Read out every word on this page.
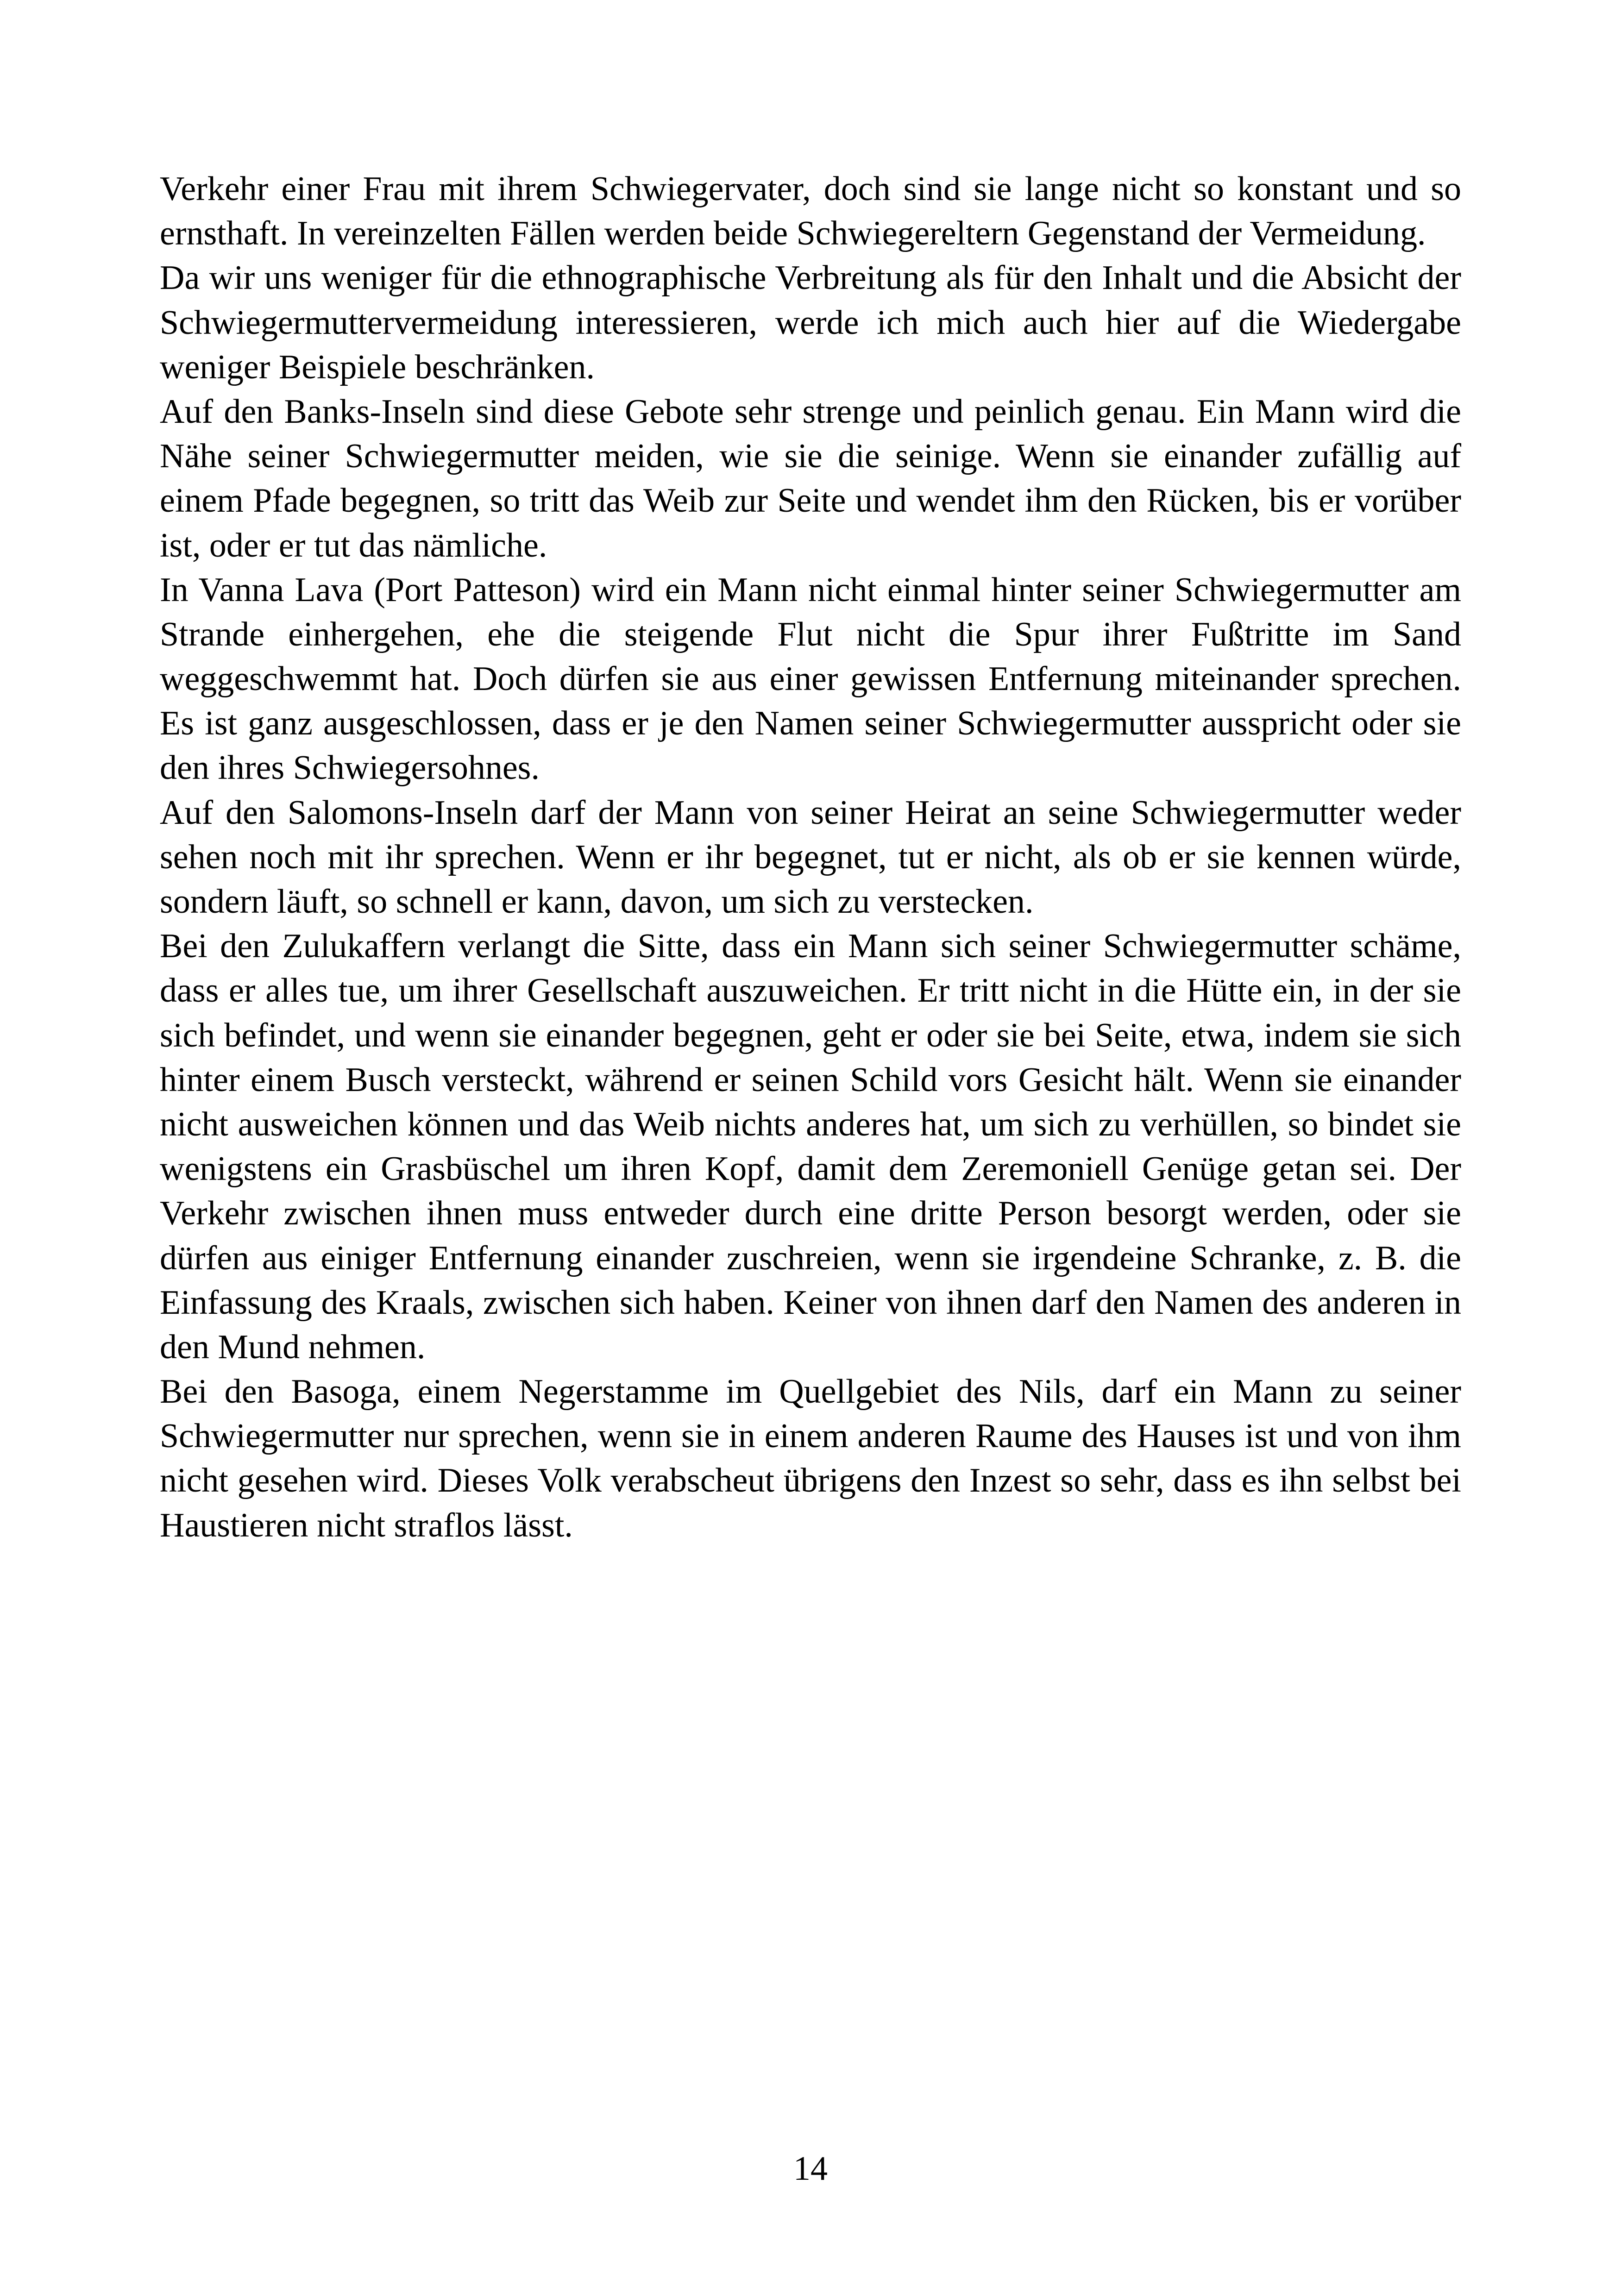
Verkehr einer Frau mit ihrem Schwiegervater, doch sind sie lange nicht so konstant und so ernsthaft. In vereinzelten Fällen werden beide Schwiegereltern Gegenstand der Vermeidung.

Da wir uns weniger für die ethnographische Verbreitung als für den Inhalt und die Absicht der Schwiegermuttervermeidung interessieren, werde ich mich auch hier auf die Wiedergabe weniger Beispiele beschränken.

Auf den Banks-Inseln sind diese Gebote sehr strenge und peinlich genau. Ein Mann wird die Nähe seiner Schwiegermutter meiden, wie sie die seinige. Wenn sie einander zufällig auf einem Pfade begegnen, so tritt das Weib zur Seite und wendet ihm den Rücken, bis er vorüber ist, oder er tut das nämliche.

In Vanna Lava (Port Patteson) wird ein Mann nicht einmal hinter seiner Schwiegermutter am Strande einhergehen, ehe die steigende Flut nicht die Spur ihrer Fußtritte im Sand weggeschwemmt hat. Doch dürfen sie aus einer gewissen Entfernung miteinander sprechen. Es ist ganz ausgeschlossen, dass er je den Namen seiner Schwiegermutter ausspricht oder sie den ihres Schwiegersohnes.

Auf den Salomons-Inseln darf der Mann von seiner Heirat an seine Schwiegermutter weder sehen noch mit ihr sprechen. Wenn er ihr begegnet, tut er nicht, als ob er sie kennen würde, sondern läuft, so schnell er kann, davon, um sich zu verstecken.

Bei den Zulukaffern verlangt die Sitte, dass ein Mann sich seiner Schwiegermutter schäme, dass er alles tue, um ihrer Gesellschaft auszuweichen. Er tritt nicht in die Hütte ein, in der sie sich befindet, und wenn sie einander begegnen, geht er oder sie bei Seite, etwa, indem sie sich hinter einem Busch versteckt, während er seinen Schild vors Gesicht hält. Wenn sie einander nicht ausweichen können und das Weib nichts anderes hat, um sich zu verhüllen, so bindet sie wenigstens ein Grasbüschel um ihren Kopf, damit dem Zeremoniell Genüge getan sei. Der Verkehr zwischen ihnen muss entweder durch eine dritte Person besorgt werden, oder sie dürfen aus einiger Entfernung einander zuschreien, wenn sie irgendeine Schranke, z. B. die Einfassung des Kraals, zwischen sich haben. Keiner von ihnen darf den Namen des anderen in den Mund nehmen.

Bei den Basoga, einem Negerstamme im Quellgebiet des Nils, darf ein Mann zu seiner Schwiegermutter nur sprechen, wenn sie in einem anderen Raume des Hauses ist und von ihm nicht gesehen wird. Dieses Volk verabscheut übrigens den Inzest so sehr, dass es ihn selbst bei Haustieren nicht straflos lässt.

14
